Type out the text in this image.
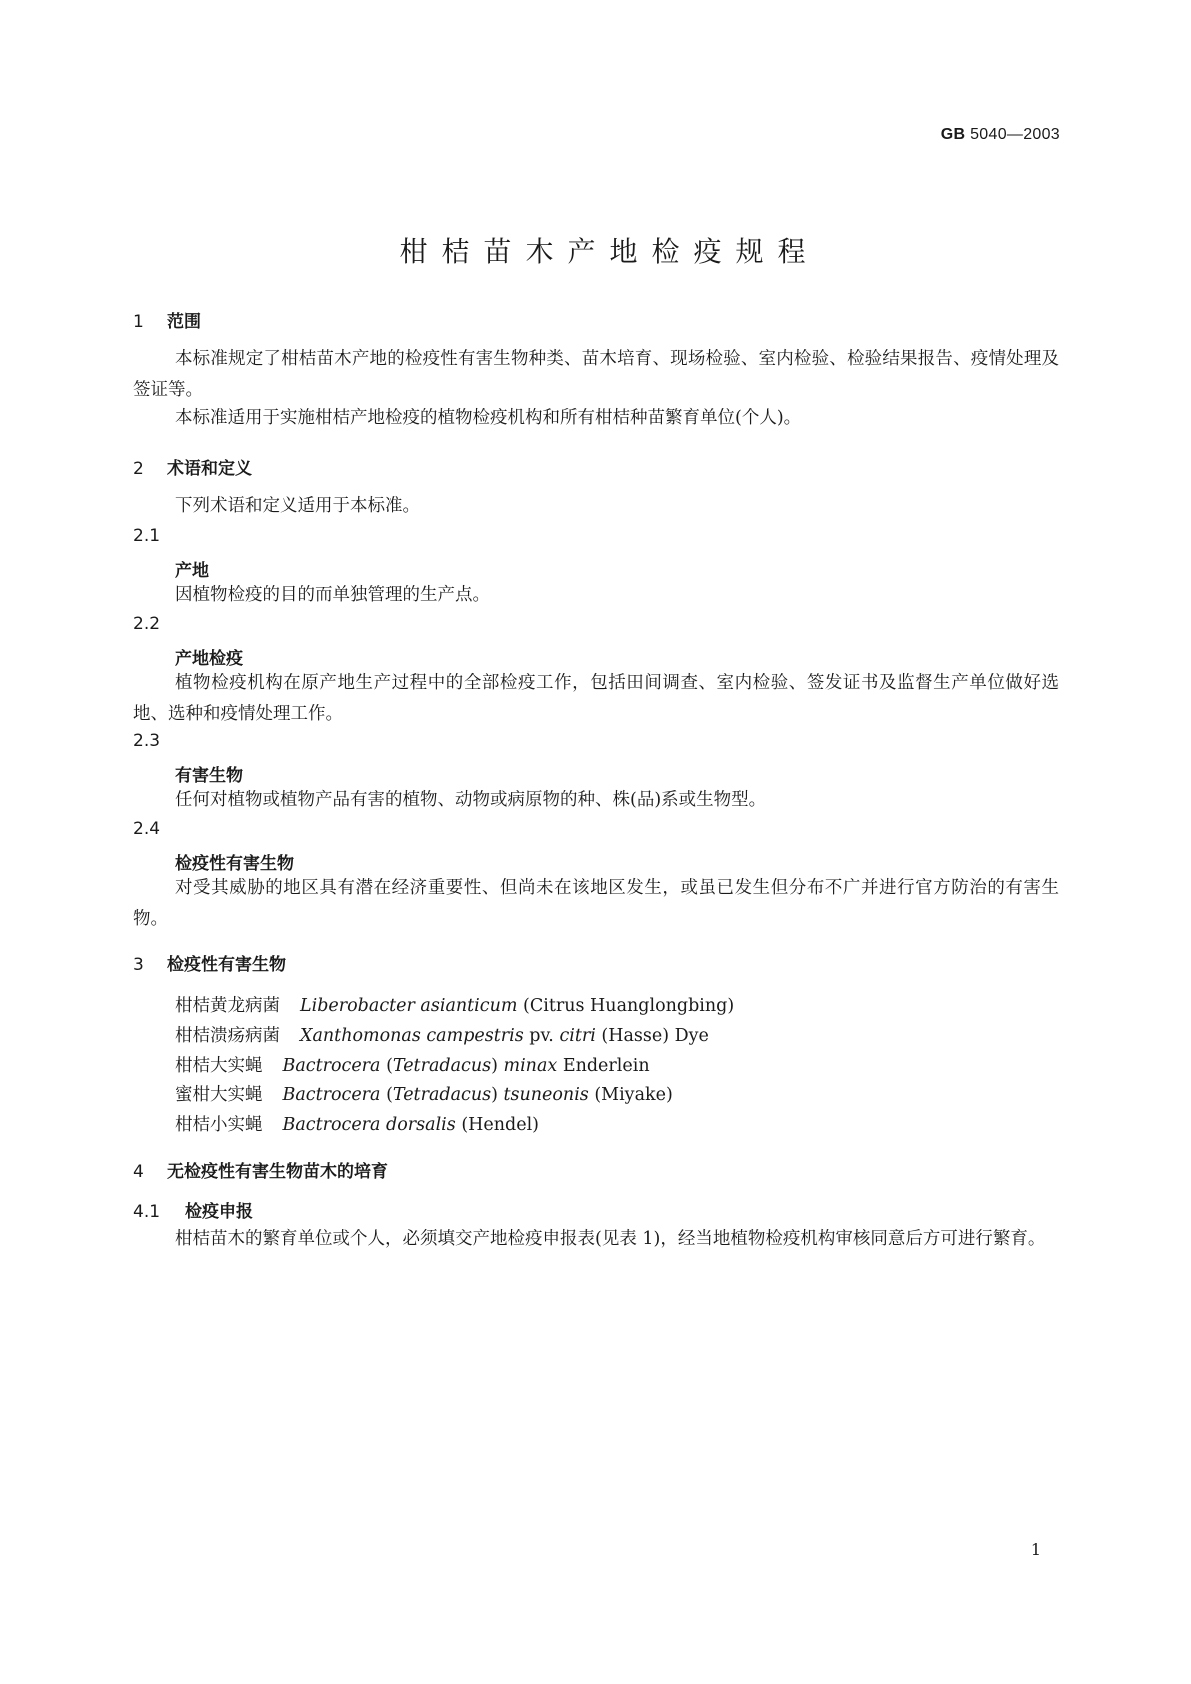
GB 5040—2003
柑桔苗木产地检疫规程
1 范围
本标准规定了柑桔苗木产地的检疫性有害生物种类、苗木培育、现场检验、室内检验、检验结果报告、疫情处理及签证等。
本标准适用于实施柑桔产地检疫的植物检疫机构和所有柑桔种苗繁育单位(个人)。
2 术语和定义
下列术语和定义适用于本标准。
2.1
产地
因植物检疫的目的而单独管理的生产点。
2.2
产地检疫
植物检疫机构在原产地生产过程中的全部检疫工作，包括田间调查、室内检验、签发证书及监督生产单位做好选地、选种和疫情处理工作。
2.3
有害生物
任何对植物或植物产品有害的植物、动物或病原物的种、株(品)系或生物型。
2.4
检疫性有害生物
对受其威胁的地区具有潜在经济重要性、但尚未在该地区发生，或虽已发生但分布不广并进行官方防治的有害生物。
3 检疫性有害生物
柑桔黄龙病菌 Liberobacter asianticum (Citrus Huanglongbing)
柑桔溃疡病菌 Xanthomonas campestris pv. citri (Hasse) Dye
柑桔大实蝇 Bactrocera (Tetradacus) minax Enderlein
蜜柑大实蝇 Bactrocera (Tetradacus) tsuneonis (Miyake)
柑桔小实蝇 Bactrocera dorsalis (Hendel)
4 无检疫性有害生物苗木的培育
4.1 检疫申报
柑桔苗木的繁育单位或个人，必须填交产地检疫申报表(见表 1)，经当地植物检疫机构审核同意后方可进行繁育。
1
